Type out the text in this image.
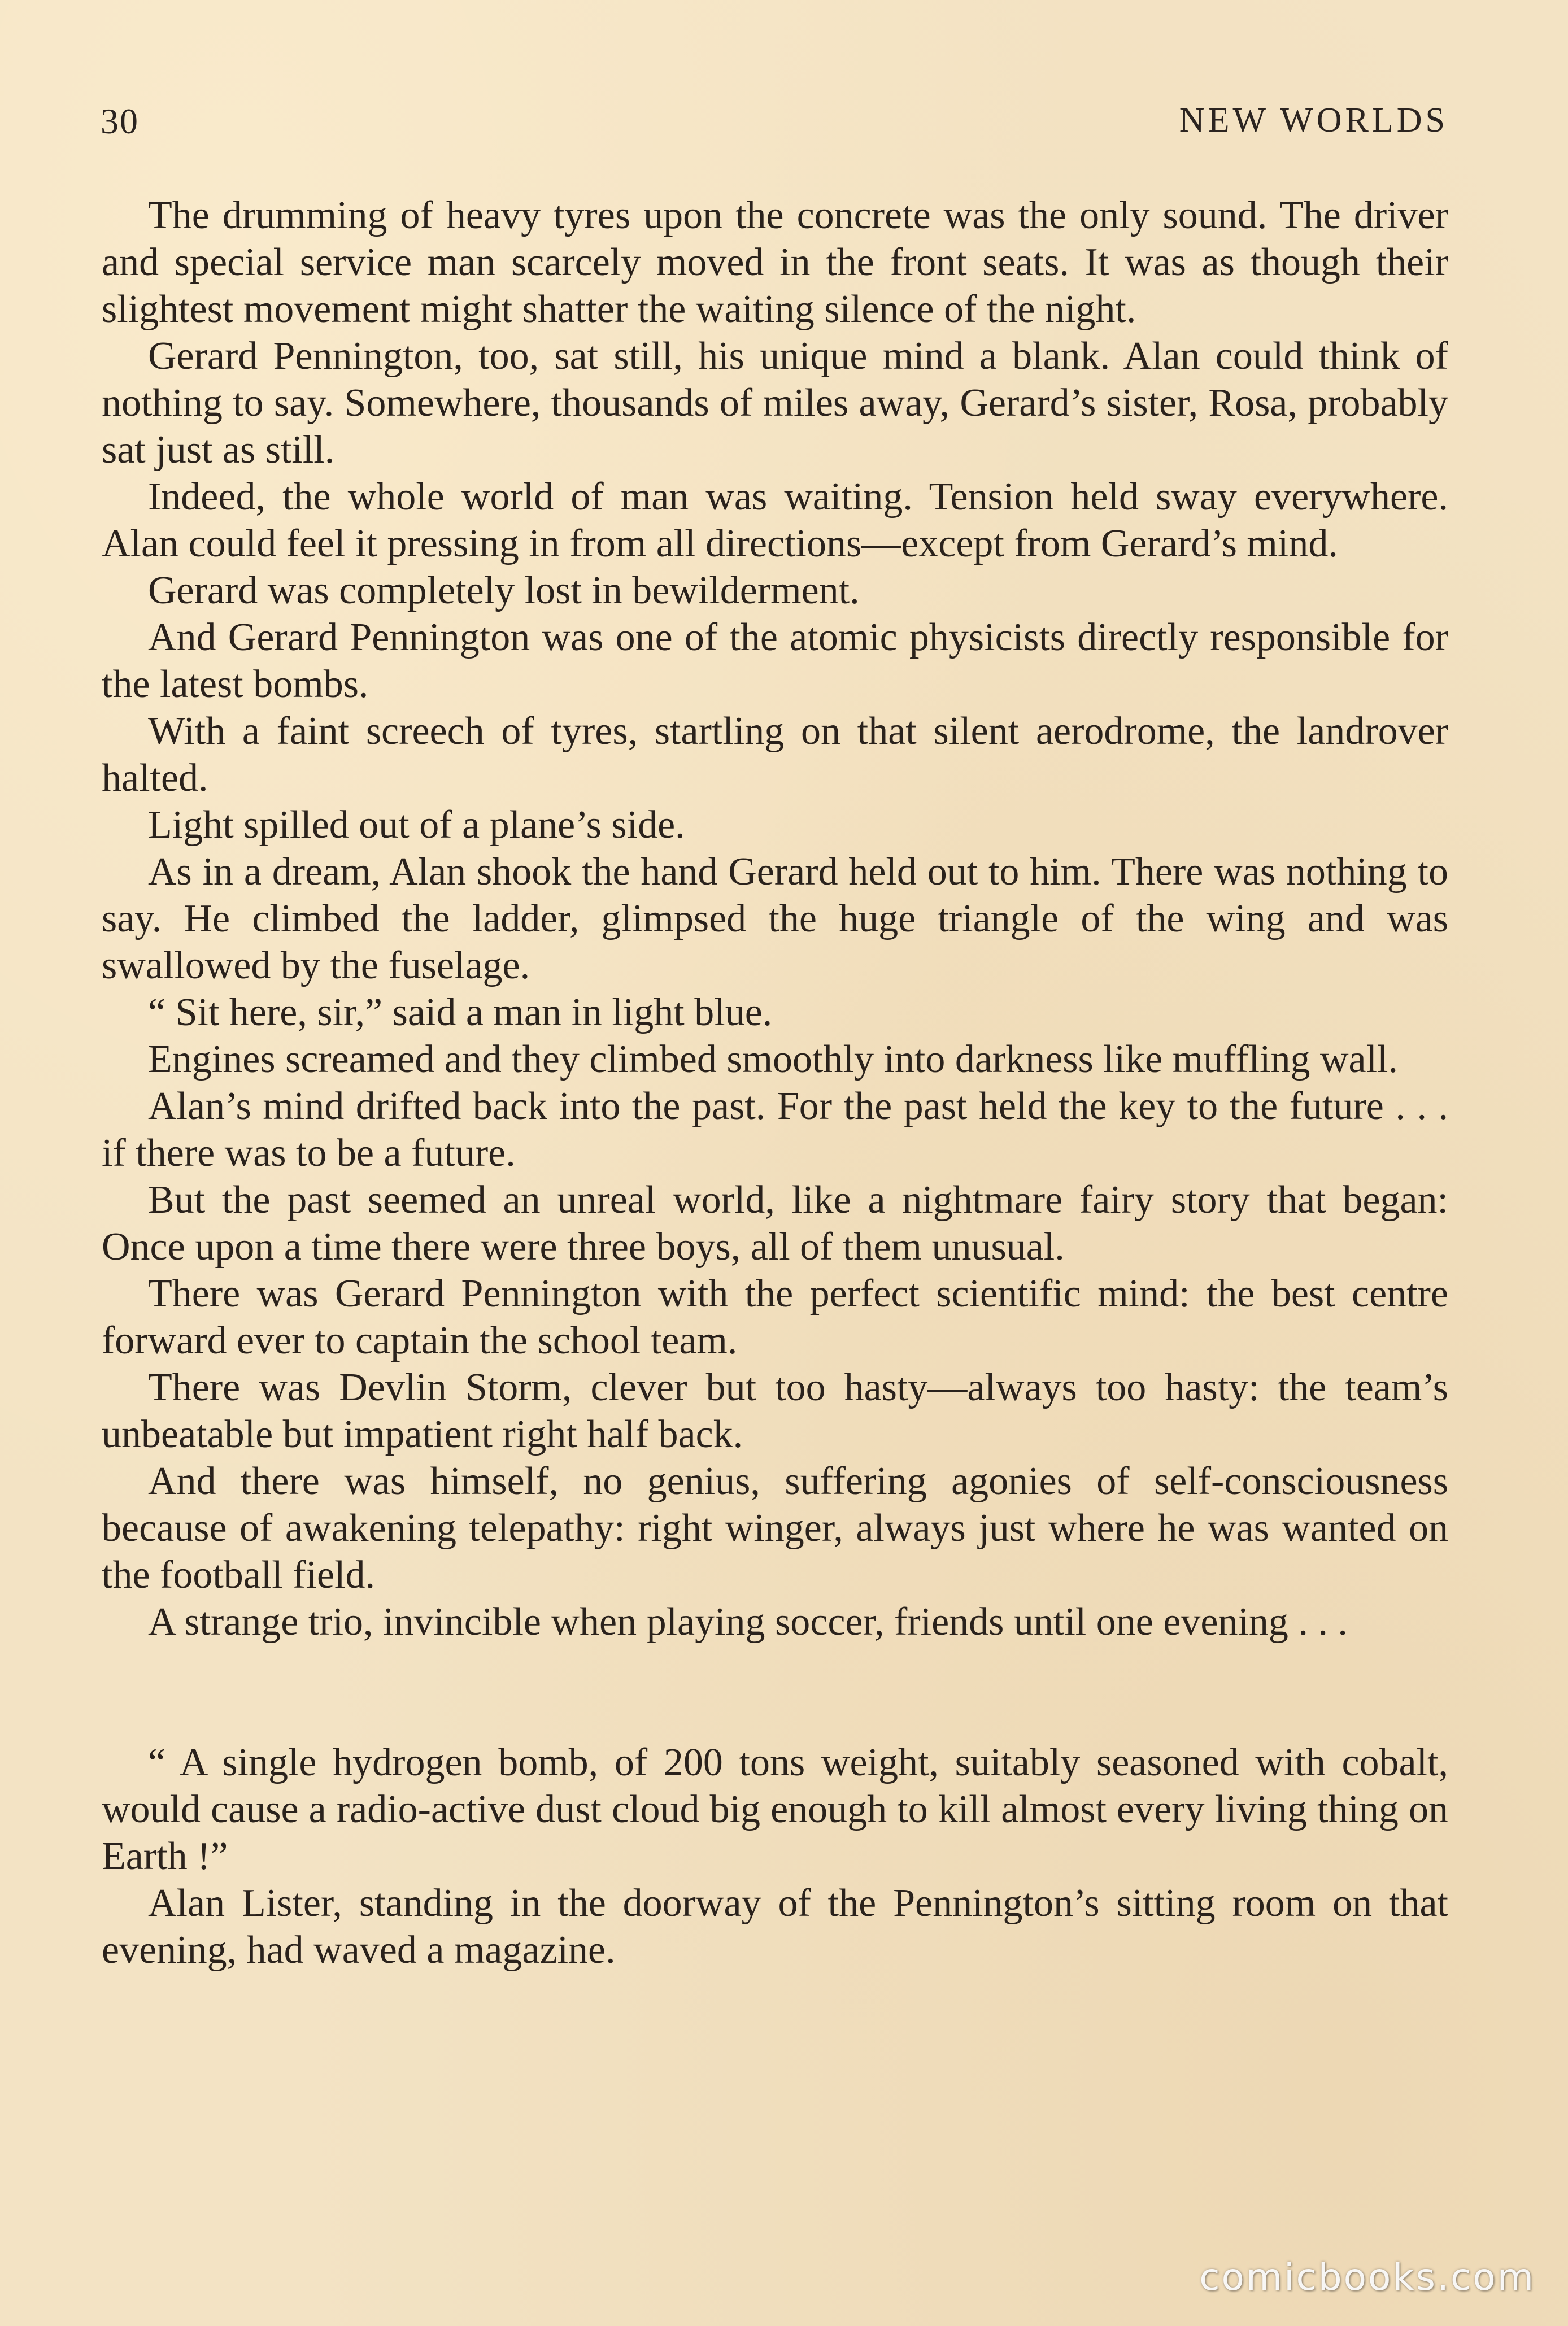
30	NEW WORLDS

The drumming of heavy tyres upon the concrete was the only sound. The driver and special service man scarcely moved in the front seats. It was as though their slightest movement might shatter the waiting silence of the night.

Gerard Pennington, too, sat still, his unique mind a blank. Alan could think of nothing to say. Somewhere, thousands of miles away, Gerard’s sister, Rosa, probably sat just as still.

Indeed, the whole world of man was waiting. Tension held sway everywhere. Alan could feel it pressing in from all directions—except from Gerard’s mind.

Gerard was completely lost in bewilderment.

And Gerard Pennington was one of the atomic physicists directly responsible for the latest bombs.

With a faint screech of tyres, startling on that silent aerodrome, the landrover halted.

Light spilled out of a plane’s side.

As in a dream, Alan shook the hand Gerard held out to him. There was nothing to say. He climbed the ladder, glimpsed the huge triangle of the wing and was swallowed by the fuselage.

“ Sit here, sir,” said a man in light blue.

Engines screamed and they climbed smoothly into darkness like muffling wall.

Alan’s mind drifted back into the past. For the past held the key to the future . . . if there was to be a future.

But the past seemed an unreal world, like a nightmare fairy story that began: Once upon a time there were three boys, all of them unusual.

There was Gerard Pennington with the perfect scientific mind: the best centre forward ever to captain the school team.

There was Devlin Storm, clever but too hasty—always too hasty: the team’s unbeatable but impatient right half back.

And there was himself, no genius, suffering agonies of self-consciousness because of awakening telepathy: right winger, always just where he was wanted on the football field.

A strange trio, invincible when playing soccer, friends until one evening . . .

“ A single hydrogen bomb, of 200 tons weight, suitably seasoned with cobalt, would cause a radio-active dust cloud big enough to kill almost every living thing on Earth !”

Alan Lister, standing in the doorway of the Pennington’s sitting room on that evening, had waved a magazine.

comicbooks.com
